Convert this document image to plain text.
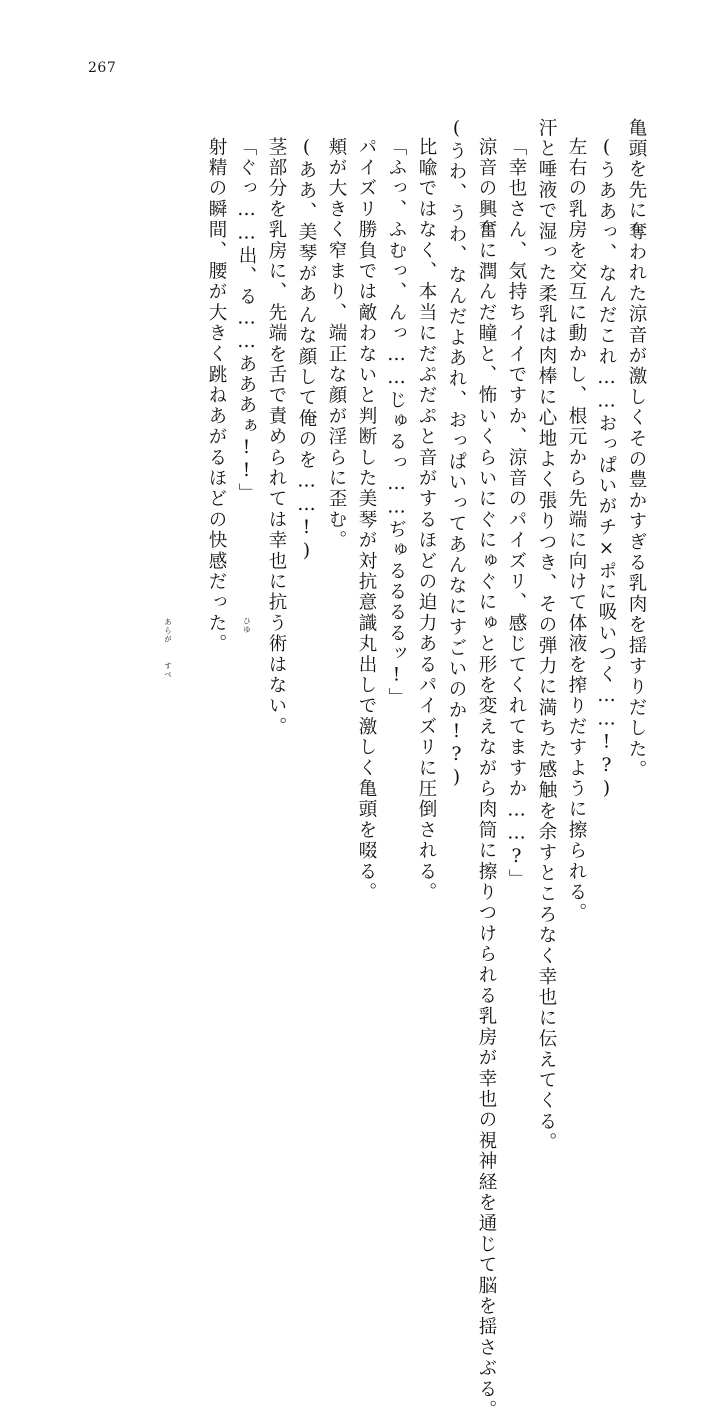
267
亀頭を先に奪われた涼音が激しくその豊かすぎる乳肉を揺すりだした。
(うああっ、なんだこれ……おっぱいがチ×ポに吸いつく……!?)
左右の乳房を交互に動かし、根元から先端に向けて体液を搾りだすように擦られる。
汗と唾液で湿った柔乳は肉棒に心地よく張りつき、その弾力に満ちた感触を余すところなく幸也に伝えてくる。
「幸也さん、気持ちイイですか、涼音のパイズリ、感じてくれてますか……?」
涼音の興奮に潤んだ瞳と、怖いくらいにぐにゅぐにゅと形を変えながら肉筒に擦りつけられる乳房が幸也の視神経を通じて脳を揺さぶる。
(うわ、うわ、なんだよあれ、おっぱいってあんなにすごいのか!?)
比喩ではなく、本当にだぷだぷと音がするほどの迫力あるパイズリに圧倒される。
「ふっ、ふむっ、んっ……じゅるっ……ぢゅるるるるッ!」
パイズリ勝負では敵わないと判断した美琴が対抗意識丸出しで激しく亀頭を啜る。
頬が大きく窄まり、端正な顔が淫らに歪む。
(ああ、美琴があんな顔して俺のを……!)
茎部分を乳房に、先端を舌で責められては幸也に抗う術はない。
「ぐっ……出、る……あああぁ!!」
射精の瞬間、腰が大きく跳ねあがるほどの快感だった。 ひゆ
あらが
すべ
